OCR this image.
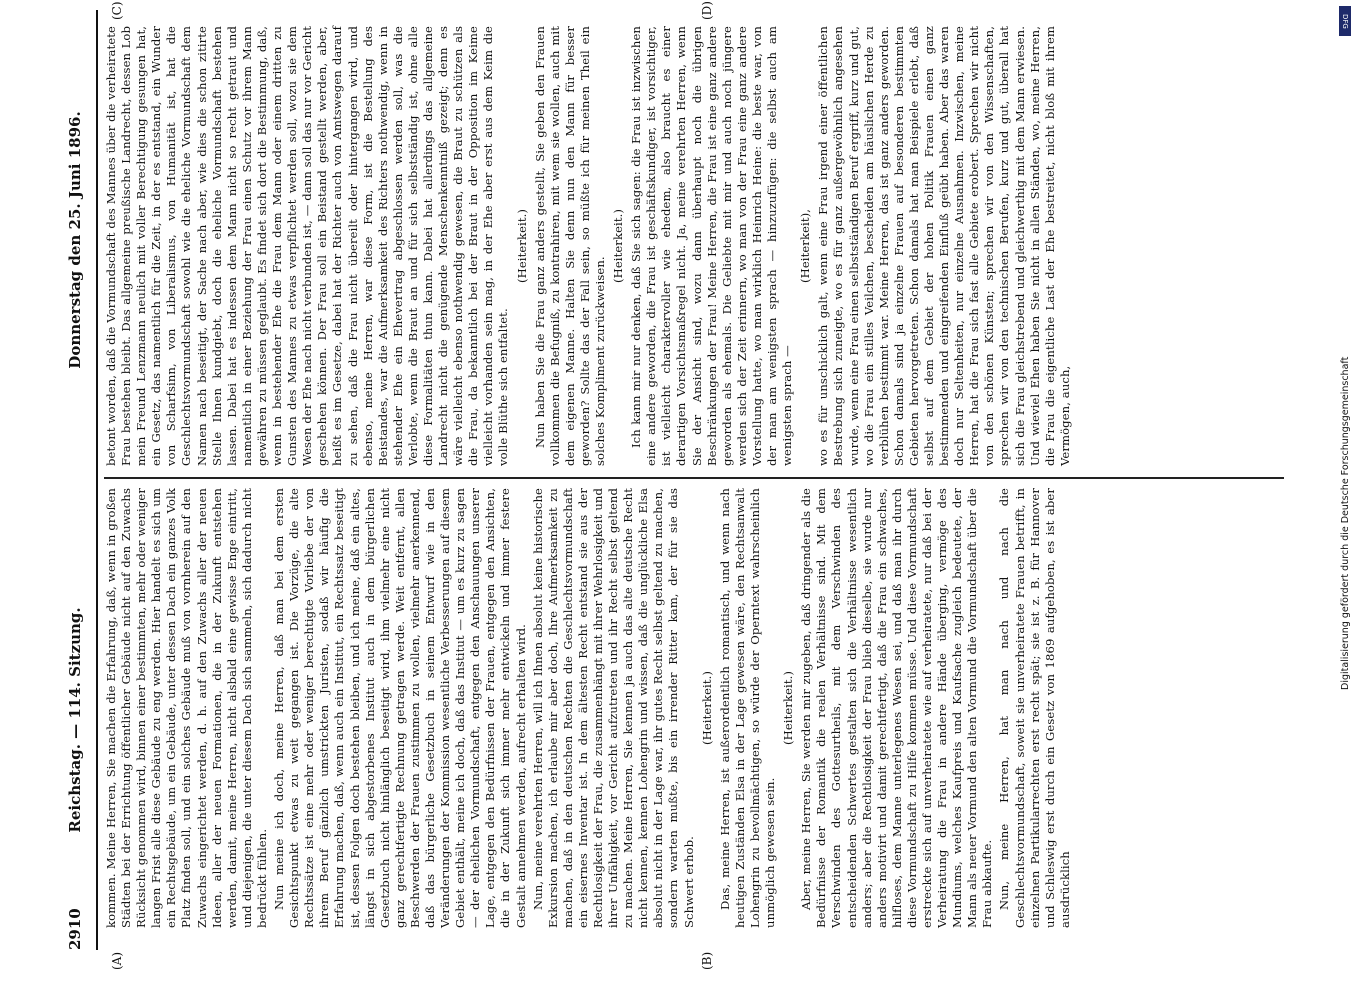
2910
Reichstag. — 114. Sitzung.
Donnerstag den 25. Juni 1896.
(A)	(B)
(C)	(D)

kommen. Meine Herren, Sie machen die Erfahrung, daß, wenn in großen Städten bei der Errichtung öffentlicher Gebäude nicht auf den Zuwachs Rücksicht genommen wird, binnen einer bestimmten, mehr oder weniger langen Frist alle diese Gebäude zu eng werden. Hier handelt es sich um ein Rechtsgebäude, um ein Gebäude, unter dessen Dach ein ganzes Volk Platz finden soll, und ein solches Gebäude muß von vornherein auf den Zuwachs eingerichtet werden, d. h. auf den Zuwachs aller der neuen Ideen, aller der neuen Formationen, die in der Zukunft entstehen werden, damit, meine Herren, nicht alsbald eine gewisse Enge eintritt, und diejenigen, die unter diesem Dach sich sammeln, sich dadurch nicht bedrückt fühlen. Nun meine ich doch, meine Herren, daß man bei dem ersten Gesichtspunkt etwas zu weit gegangen ist. Die Vorzüge, die alte Rechtssätze ist eine mehr oder weniger berechtigte Vorliebe der von ihrem Beruf gänzlich umstrickten Juristen, sodaß wir häufig die Erfahrung machen, daß, wenn auch ein Institut, ein Rechtssatz beseitigt ist, dessen Folgen doch bestehen bleiben, und ich meine, daß ein altes, längst in sich abgestorbenes Institut auch in dem bürgerlichen Gesetzbuch nicht hinlänglich beseitigt wird, ihm vielmehr eine nicht ganz gerechtfertigte Rechnung getragen werde. Weit entfernt, allen Beschwerden der Frauen zustimmen zu wollen, vielmehr anerkennend, daß das bürgerliche Gesetzbuch in seinem Entwurf wie in den Veränderungen der Kommission wesentliche Verbesserungen auf diesem Gebiet enthält, meine ich doch, daß das Institut — um es kurz zu sagen — der ehelichen Vormundschaft, entgegen den Anschauungen unserer Lage, entgegen den Bedürfnissen der Frauen, entgegen den Ansichten, die in der Zukunft sich immer mehr entwickeln und immer festere Gestalt annehmen werden, aufrecht erhalten wird. Nun, meine verehrten Herren, will ich Ihnen absolut keine historische Exkursion machen, ich erlaube mir aber doch, Ihre Aufmerksamkeit zu machen, daß in den deutschen Rechten die Geschlechtsvormundschaft ein eisernes Inventar ist. In dem ältesten Recht entstand sie aus der Rechtlosigkeit der Frau, die zusammenhängt mit ihrer Wehrlosigkeit und ihrer Unfähigkeit, vor Gericht aufzutreten und ihr Recht selbst geltend zu machen. Meine Herren, Sie kennen ja auch das alte deutsche Recht nicht kennen, kennen Lohengrin und wissen, daß die unglückliche Elsa absolut nicht in der Lage war, ihr gutes Recht selbst geltend zu machen, sondern warten mußte, bis ein irrender Ritter kam, der für sie das Schwert erhob.

(Heiterkeit.) Das, meine Herren, ist außerordentlich romantisch, und wenn nach heutigen Zuständen Elsa in der Lage gewesen wäre, den Rechtsanwalt Lohengrin zu bevollmächtigen, so würde der Operntext wahrscheinlich unmöglich gewesen sein.

(Heiterkeit.) Aber, meine Herren, Sie werden mir zugeben, daß dringender als die Bedürfnisse der Romantik die realen Verhältnisse sind. Mit dem Verschwinden des Gottesurtheils, mit dem Verschwinden des entscheidenden Schwertes gestalten sich die Verhältnisse wesentlich anders; aber die Rechtlosigkeit der Frau blieb dieselbe, sie wurde nur anders motivirt und damit gerechtfertigt, daß die Frau ein schwaches, hilfloses, dem Manne unterlegenes Wesen sei, und daß man ihr durch diese Vormundschaft zu Hilfe kommen müsse. Und diese Vormundschaft erstreckte sich auf unverheiratete wie auf verheiratete, nur daß bei der Verheiratung die Frau in andere Hände überging, vermöge des Mundiums, welches Kaufpreis und Kaufsache zugleich bedeutete, der Mann als neuer Vormund den alten Vormund die Vormundschaft über die Frau abkaufte. Nun, meine Herren, hat man nach und nach die Geschlechtsvormundschaft, soweit sie unverheiratete Frauen betrifft, in einzelnen Partikularrechten erst recht spät; sie ist z. B. für Hannover und Schleswig erst durch ein Gesetz von 1869 aufgehoben, es ist aber ausdrücklich

betont worden, daß die Vormundschaft des Mannes über die verheiratete Frau bestehen bleibt. Das allgemeine preußische Landrecht, dessen Lob mein Freund Lenzmann neulich mit voller Berechtigung gesungen hat, ein Gesetz, das namentlich für die Zeit, in der es entstand, ein Wunder von Scharfsinn, von Liberalismus, von Humanität ist, hat die Geschlechtsvormundschaft sowohl wie die eheliche Vormundschaft dem Namen nach beseitigt, der Sache nach aber, wie dies die schon zitirte Stelle Ihnen kundgiebt, doch die eheliche Vormundschaft bestehen lassen. Dabei hat es indessen dem Mann nicht so recht getraut und namentlich in einer Beziehung der Frau einen Schutz vor ihrem Mann gewähren zu müssen geglaubt. Es findet sich dort die Bestimmung, daß, wenn in bestehender Ehe die Frau dem Mann oder einem dritten zu Gunsten des Mannes zu etwas verpflichtet werden soll, wozu sie dem Wesen der Ehe nach nicht verbunden ist, — dann soll das nur vor Gericht geschehen können. Der Frau soll ein Beistand gestellt werden, aber, heißt es im Gesetze, dabei hat der Richter auch von Amtswegen darauf zu sehen, daß die Frau nicht übereilt oder hintergangen wird, und ebenso, meine Herren, war diese Form, ist die Bestellung des Beistandes, war die Aufmerksamkeit des Richters nothwendig, wenn in stehender Ehe ein Ehevertrag abgeschlossen werden soll, was die Verlobte, wenn die Braut an und für sich selbstständig ist, ohne alle diese Formalitäten thun kann. Dabei hat allerdings das allgemeine Landrecht nicht die genügende Menschenkenntniß gezeigt; denn es wäre vielleicht ebenso nothwendig gewesen, die Braut zu schützen als die Frau, da bekanntlich bei der Braut in der Opposition im Keime vielleicht vorhanden sein mag, in der Ehe aber erst aus dem Keim die volle Blüthe sich entfaltet.

(Heiterkeit.) Nun haben Sie die Frau ganz anders gestellt, Sie geben den Frauen vollkommen die Befugniß, zu kontrahiren, mit wem sie wollen, auch mit dem eigenen Manne. Halten Sie denn nun den Mann für besser geworden? Sollte das der Fall sein, so müßte ich für meinen Theil ein solches Kompliment zurückweisen.

(Heiterkeit.) Ich kann mir nur denken, daß Sie sich sagen: die Frau ist inzwischen eine andere geworden, die Frau ist geschäftskundiger, ist vorsichtiger, ist vielleicht charaktervoller wie ehedem, also braucht es einer derartigen Vorsichtsmaßregel nicht. Ja, meine verehrten Herren, wenn Sie der Ansicht sind, wozu dann überhaupt noch die übrigen Beschränkungen der Frau! Meine Herren, die Frau ist eine ganz andere geworden als ehemals. Die Geliebte mit mir und auch noch jüngere werden sich der Zeit erinnern, wo man von der Frau eine ganz andere Vorstellung hatte, wo man wirklich Heinrich Heine: die beste war, von der man am wenigsten sprach — hinzuzufügen: die selbst auch am wenigsten sprach —

(Heiterkeit), wo es für unschicklich galt, wenn eine Frau irgend einer öffentlichen Bestrebung sich zuneigte, wo es für ganz außergewöhnlich angesehen wurde, wenn eine Frau einen selbstständigen Beruf ergriff, kurz und gut, wo die Frau ein stilles Veilchen, bescheiden am häuslichen Herde zu verblühen bestimmt war. Meine Herren, das ist ganz anders geworden. Schon damals sind ja einzelne Frauen auf besonderen bestimmten Gebieten hervorgetreten. Schon damals hat man Beispiele erlebt, daß selbst auf dem Gebiet der hohen Politik Frauen einen ganz bestimmenden und eingreifenden Einfluß geübt haben. Aber das waren doch nur Seltenheiten, nur einzelne Ausnahmen. Inzwischen, meine Herren, hat die Frau sich fast alle Gebiete erobert. Sprechen wir nicht von den schönen Künsten; sprechen wir von den Wissenschaften, sprechen wir von den technischen Berufen, kurz und gut, überall hat sich die Frau gleichstrebend und gleichwerthig mit dem Mann erwiesen. Und wieviel Ehen haben Sie nicht in allen Ständen, wo, meine Herren, die Frau die eigentliche Last der Ehe bestreitet, nicht bloß mit ihrem Vermögen, auch,

DFG
Digitalisierung gefördert durch die Deutsche Forschungsgemeinschaft
